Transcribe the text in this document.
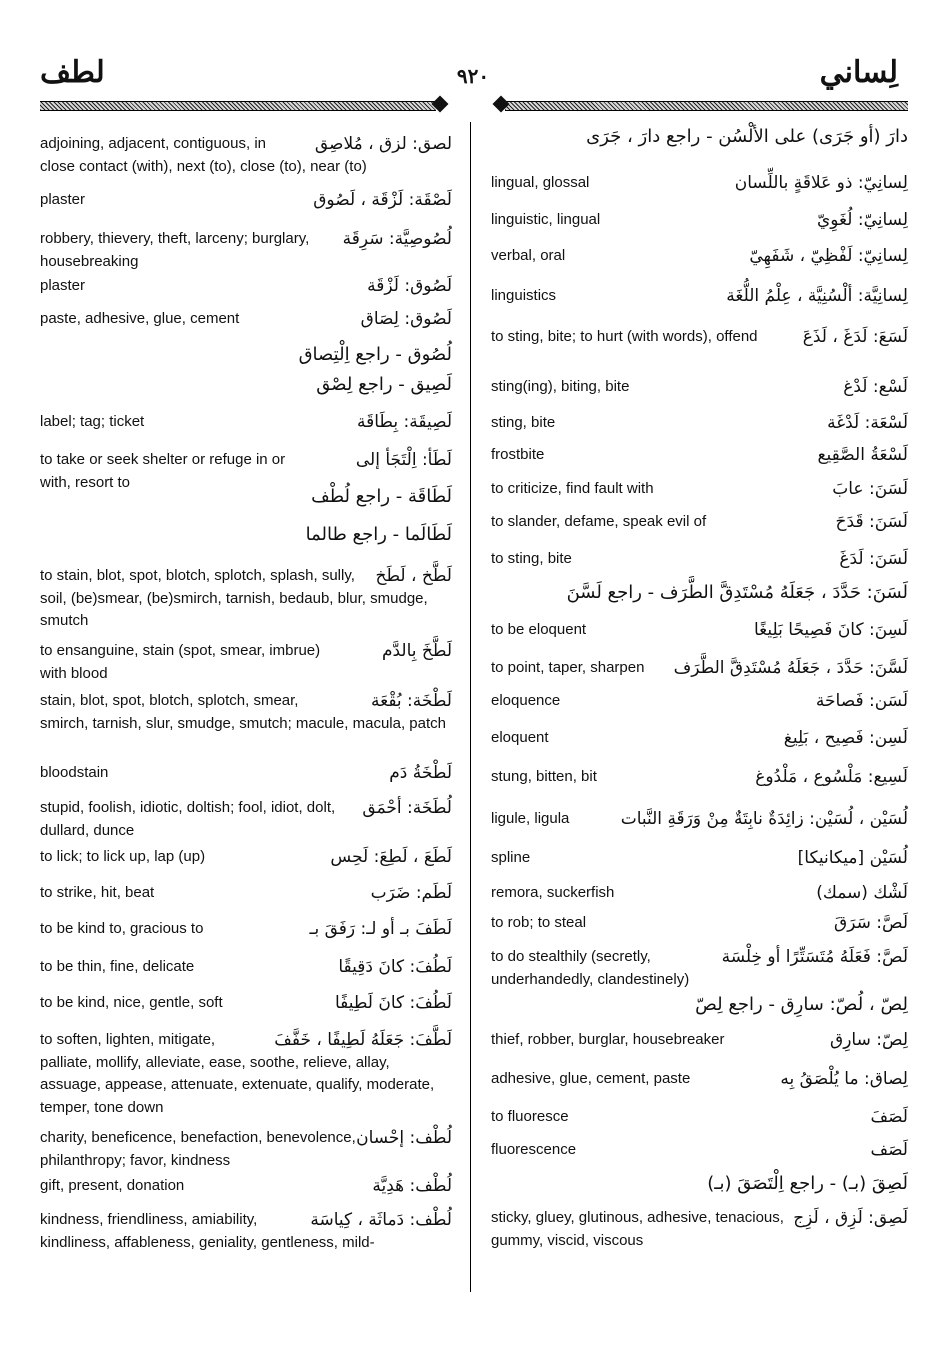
لطف	٩٢٠	لِساني
لصق: لزق ، مُلاصِق
adjoining, adjacent, contiguous, in close contact (with), next (to), close (to), near (to)
لَصْقَة: لَزْقَة ، لَصُوق
plaster
لُصُوصِيَّة: سَرِقَة
robbery, thievery, theft, larceny; burglary, housebreaking
لَصُوق: لَزْقَة
plaster
لَصُوق: لِصَاق
paste, adhesive, glue, cement
لُصُوق - راجع اِلْتِصاق
لَصِيق - راجع لِصْق
لَصِيقَة: بِطَاقَة
label; tag; ticket
لَطَأ: اِلْتَجَأ إلى
to take or seek shelter or refuge in or with, resort to
لَطَاقَة - راجع لُطْف
لَطَالَما - راجع طالما
لَطَّخ ، لَطَخ
to stain, blot, spot, blotch, splotch, splash, sully, soil, (be)smear, (be)smirch, tarnish, bedaub, blur, smudge, smutch
لَطَّخَ بِالدَّم
to ensanguine, stain (spot, smear, imbrue) with blood
لَطْخَة: بُقْعَة
stain, blot, spot, blotch, splotch, smear, smirch, tarnish, slur, smudge, smutch; macule, macula, patch
لَطْخَةُ دَم
bloodstain
لُطَخَة: أحْمَق
stupid, foolish, idiotic, doltish; fool, idiot, dolt, dullard, dunce
لَطَعَ ، لَطِعَ: لَحِس
to lick; to lick up, lap (up)
لَطَم: ضَرَب
to strike, hit, beat
لَطَفَ بـ أو لـ: رَفَقَ بـ
to be kind to, gracious to
لَطُفَ: كانَ دَقِيقًا
to be thin, fine, delicate
لَطُفَ: كانَ لَطِيفًا
to be kind, nice, gentle, soft
لَطَّفَ: جَعَلَهُ لَطِيفًا ، خَفَّفَ
to soften, lighten, mitigate, palliate, mollify, alleviate, ease, soothe, relieve, allay, assuage, appease, attenuate, extenuate, qualify, moderate, temper, tone down
لُطْف: إحْسان
charity, beneficence, benefaction, benevolence, philanthropy; favor, kindness
لُطْف: هَدِيَّة
gift, present, donation
لُطْف: دَماثَة ، كِياسَة
kindness, friendliness, amiability, kindliness, affableness, geniality, gentleness, mild-
دارَ (أو جَرَى) على الألْسُن - راجع دارَ ، جَرَى
لِسانِيّ: ذو عَلاقَةٍ باللِّسان
lingual, glossal
لِسانِيّ: لُغَوِيّ
linguistic, lingual
لِسانِيّ: لَفْظِيّ ، شَفَهِيّ
verbal, oral
لِسانِيَّة: ألْسُنِيَّة ، عِلْمُ اللُّغَة
linguistics
لَسَعَ: لَدَغَ ، لَذَعَ
to sting, bite; to hurt (with words), offend
لَسْع: لَدْغ
sting(ing), biting, bite
لَسْعَة: لَدْغَة
sting, bite
لَسْعَةُ الصَّقِيع
frostbite
لَسَنَ: عابَ
to criticize, find fault with
لَسَنَ: قَدَحَ
to slander, defame, speak evil of
لَسَنَ: لَدَغَ
to sting, bite
لَسَنَ: حَدَّدَ ، جَعَلَهُ مُسْتَدِقَّ الطَّرَف - راجع لَسَّنَ
لَسِنَ: كانَ فَصِيحًا بَلِيغًا
to be eloquent
لَسَّنَ: حَدَّدَ ، جَعَلَهُ مُسْتَدِقَّ الطَّرَف
to point, taper, sharpen
لَسَن: فَصاحَة
eloquence
لَسِن: فَصِيح ، بَلِيغ
eloquent
لَسِيع: مَلْسُوع ، مَلْدُوغ
stung, bitten, bit
لُسَيْن ، لُسَيْن: زائِدَةٌ نابِتَةٌ مِنْ وَرَقَةِ النَّبات
ligule, ligula
لُسَيْن [ميكانيكا]
spline
لَشْك (سمك)
remora, suckerfish
لَصَّ: سَرَقَ
to rob; to steal
لَصَّ: فَعَلَهُ مُتَسَتِّرًا أو خِلْسَة
to do stealthily (secretly, underhandedly, clandestinely)
لِصّ ، لُصّ: سارِق - راجع لِصّ
لِصّ: سارِق
thief, robber, burglar, housebreaker
لِصاق: ما يُلْصَقُ بِه
adhesive, glue, cement, paste
لَصَفَ
to fluoresce
لَصَف
fluorescence
لَصِقَ (بـ) - راجع اِلْتَصَقَ (بـ)
لَصِق: لَزِق ، لَزِج
sticky, gluey, glutinous, adhesive, tenacious, gummy, viscid, viscous
